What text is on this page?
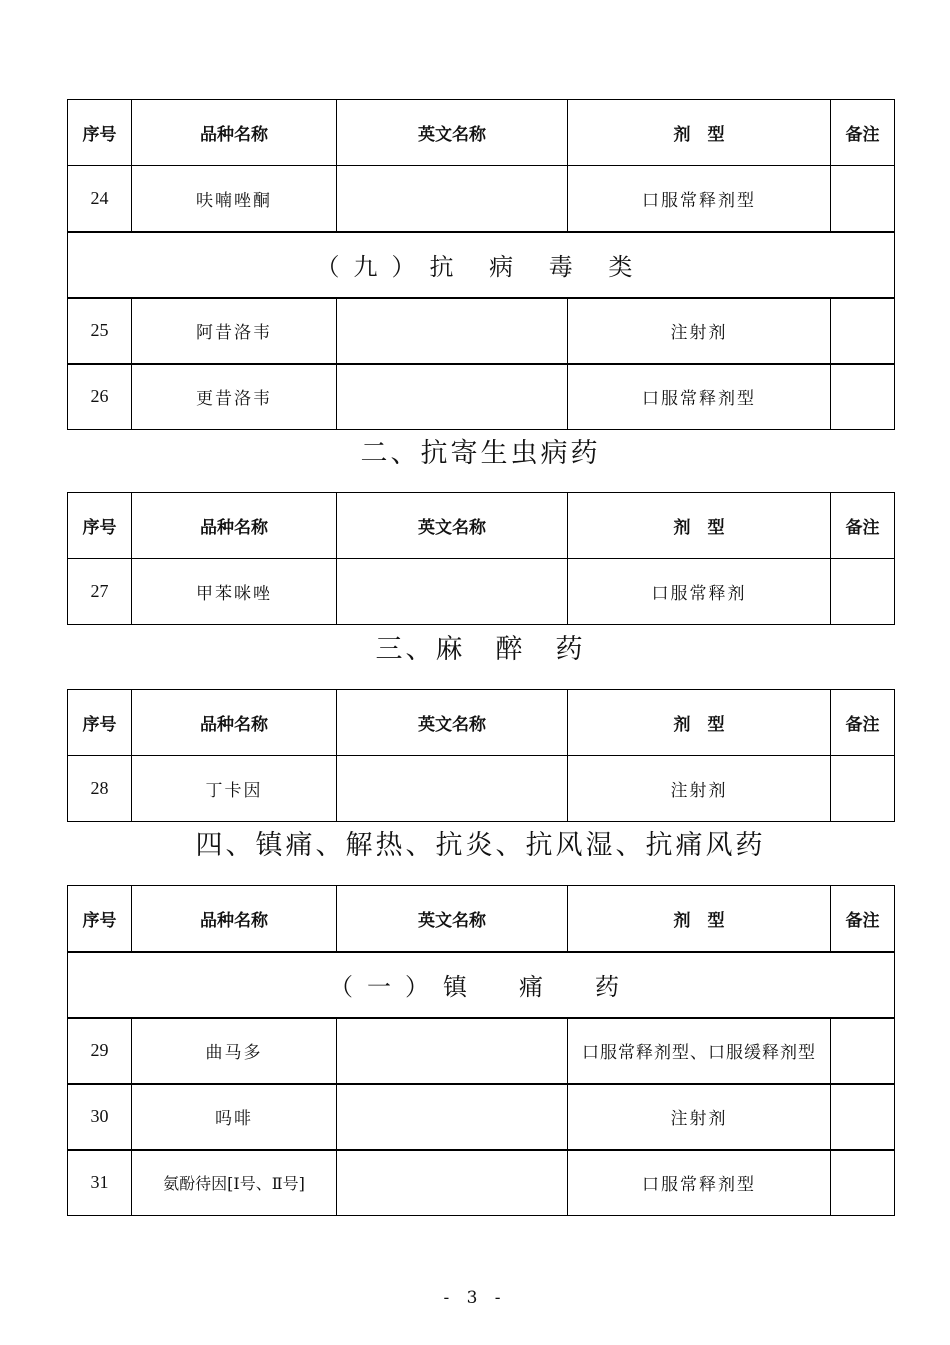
序号	品种名称	英文名称	剂　型	备注
24	呋喃唑酮		口服常释剂型	
（九）抗 病 毒 类				
25	阿昔洛韦		注射剂	
26	更昔洛韦		口服常释剂型	
二、抗寄生虫病药
序号	品种名称	英文名称	剂　型	备注
27	甲苯咪唑		口服常释剂	
三、麻　醉　药
序号	品种名称	英文名称	剂　型	备注
28	丁卡因		注射剂	
四、镇痛、解热、抗炎、抗风湿、抗痛风药
序号	品种名称	英文名称	剂　型	备注
（一）镇　痛　药				
29	曲马多		口服常释剂型、口服缓释剂型	
30	吗啡		注射剂	
31	氨酚待因[Ⅰ号、Ⅱ号]		口服常释剂型	
- 3 -
